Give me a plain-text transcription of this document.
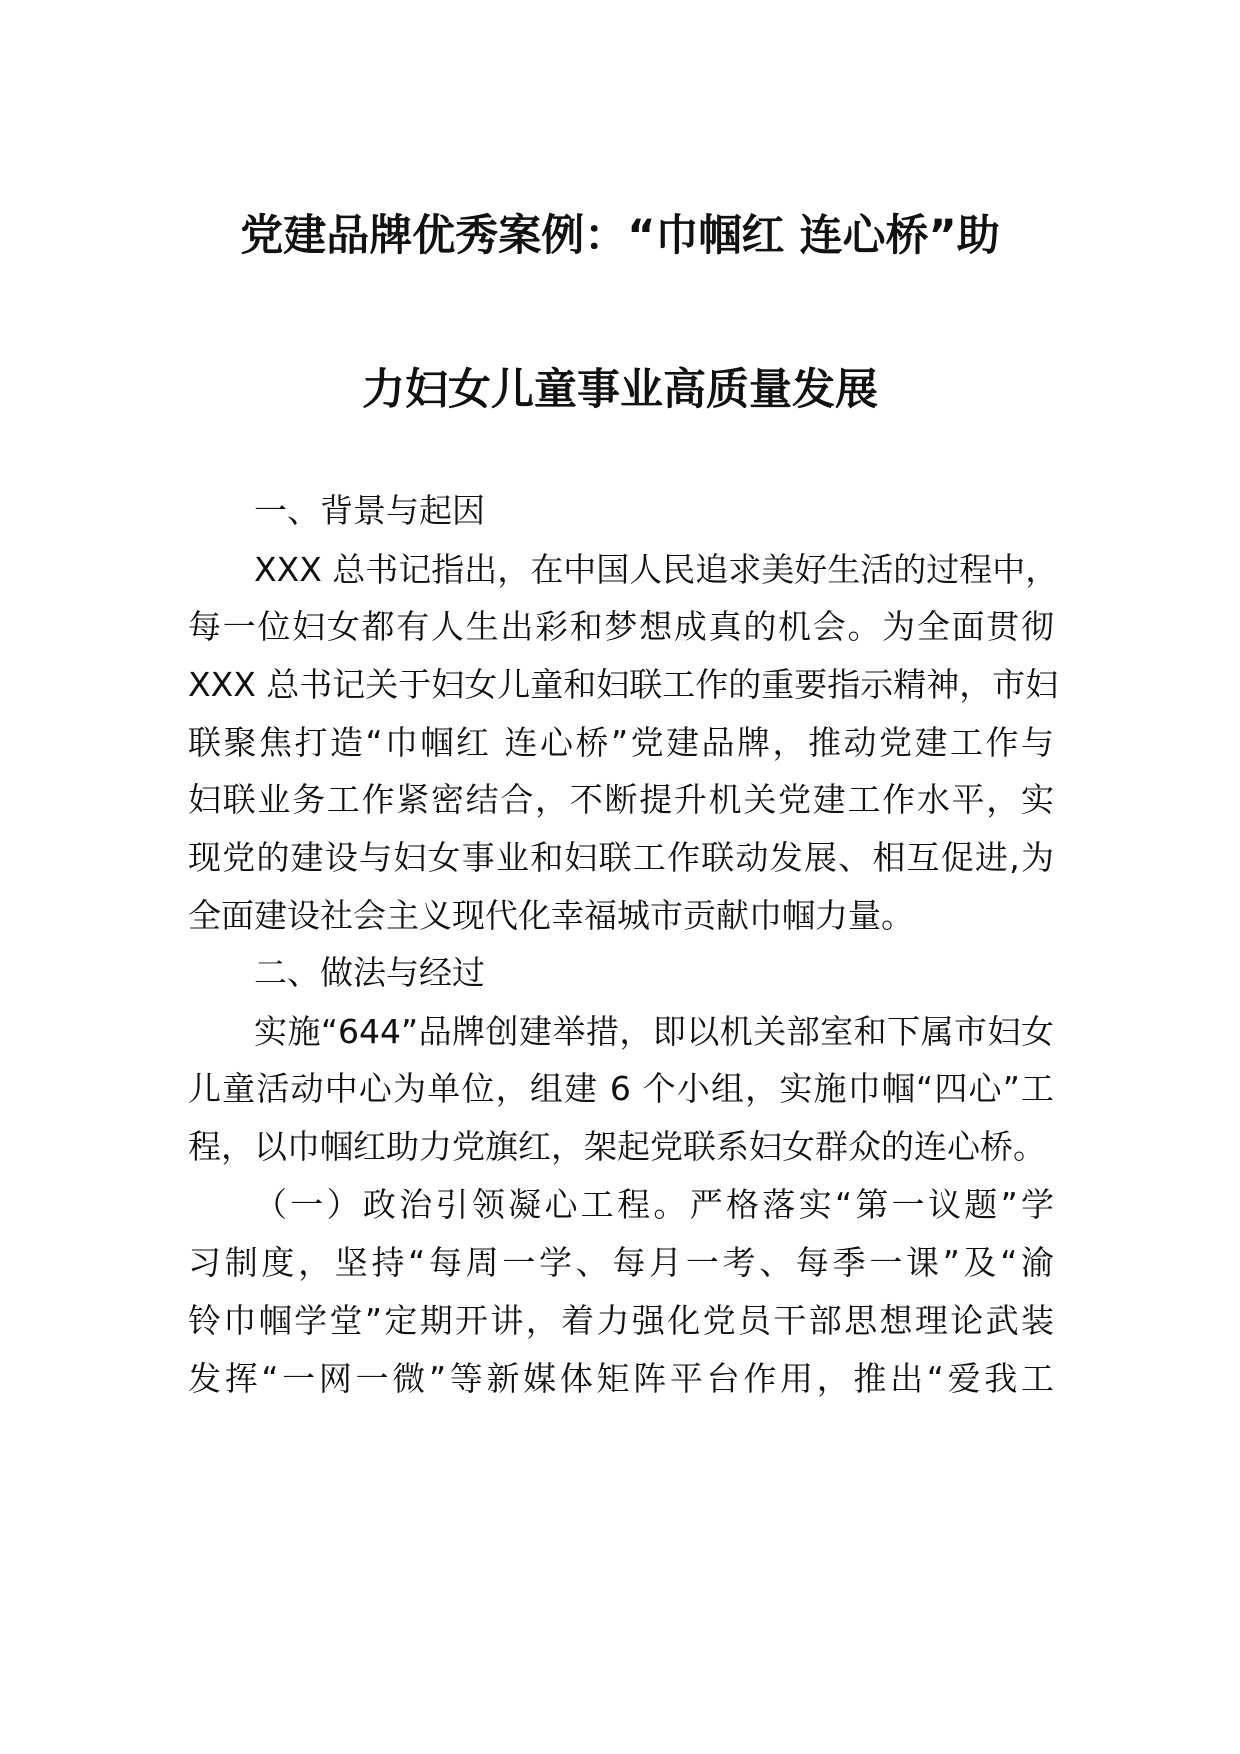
党建品牌优秀案例：“巾帼红 连心桥”助
力妇女儿童事业高质量发展
一、背景与起因
XXX 总书记指出，在中国人民追求美好生活的过程中，
每一位妇女都有人生出彩和梦想成真的机会。为全面贯彻
XXX 总书记关于妇女儿童和妇联工作的重要指示精神，市妇
联聚焦打造“巾帼红 连心桥”党建品牌，推动党建工作与
妇联业务工作紧密结合，不断提升机关党建工作水平，实
现党的建设与妇女事业和妇联工作联动发展、相互促进,为
全面建设社会主义现代化幸福城市贡献巾帼力量。
二、做法与经过
实施“644”品牌创建举措，即以机关部室和下属市妇女
儿童活动中心为单位，组建 6 个小组，实施巾帼“四心”工
程，以巾帼红助力党旗红，架起党联系妇女群众的连心桥。
（一）政治引领凝心工程。严格落实“第一议题”学
习制度，坚持“每周一学、每月一考、每季一课”及“渝
铃巾帼学堂”定期开讲，着力强化党员干部思想理论武装
发挥“一网一微”等新媒体矩阵平台作用，推出“爱我工
